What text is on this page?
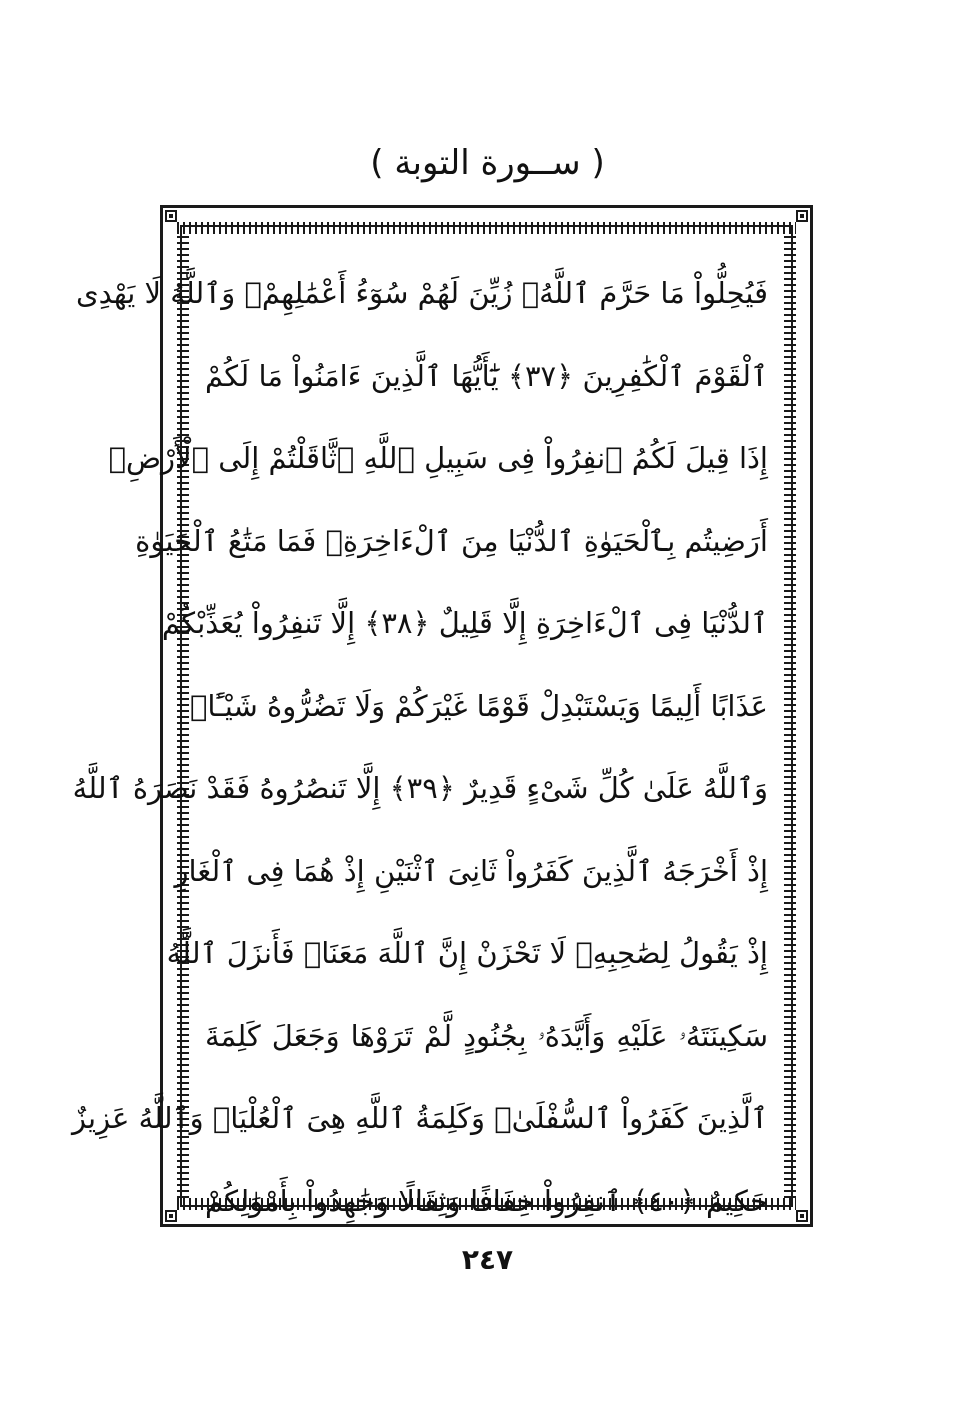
( ســورة التوبة )
فَيُحِلُّواْ مَا حَرَّمَ ٱللَّهُۚ زُيِّنَ لَهُمْ سُوٓءُ أَعْمَٰلِهِمْۗ وَٱللَّهُ لَا يَهْدِى
ٱلْقَوْمَ ٱلْكَٰفِرِينَ ﴿٣٧﴾ يَٰٓأَيُّهَا ٱلَّذِينَ ءَامَنُواْ مَا لَكُمْ
إِذَا قِيلَ لَكُمُ ٱنفِرُواْ فِى سَبِيلِ ٱللَّهِ ٱثَّاقَلْتُمْ إِلَى ٱلْأَرْضِۚ
أَرَضِيتُم بِٱلْحَيَوٰةِ ٱلدُّنْيَا مِنَ ٱلْءَاخِرَةِۚ فَمَا مَتَٰعُ ٱلْحَيَوٰةِ
ٱلدُّنْيَا فِى ٱلْءَاخِرَةِ إِلَّا قَلِيلٌ ﴿٣٨﴾ إِلَّا تَنفِرُواْ يُعَذِّبْكُمْ
عَذَابًا أَلِيمًا وَيَسْتَبْدِلْ قَوْمًا غَيْرَكُمْ وَلَا تَضُرُّوهُ شَيْـًٔاۗ
وَٱللَّهُ عَلَىٰ كُلِّ شَىْءٍ قَدِيرٌ ﴿٣٩﴾ إِلَّا تَنصُرُوهُ فَقَدْ نَصَرَهُ ٱللَّهُ
إِذْ أَخْرَجَهُ ٱلَّذِينَ كَفَرُواْ ثَانِىَ ٱثْنَيْنِ إِذْ هُمَا فِى ٱلْغَارِ
إِذْ يَقُولُ لِصَٰحِبِهِۦ لَا تَحْزَنْ إِنَّ ٱللَّهَ مَعَنَاۖ فَأَنزَلَ ٱللَّهُ
سَكِينَتَهُۥ عَلَيْهِ وَأَيَّدَهُۥ بِجُنُودٍ لَّمْ تَرَوْهَا وَجَعَلَ كَلِمَةَ
ٱلَّذِينَ كَفَرُواْ ٱلسُّفْلَىٰۗ وَكَلِمَةُ ٱللَّهِ هِىَ ٱلْعُلْيَاۗ وَٱللَّهُ عَزِيزٌ
حَكِيمٌ ﴿٤٠﴾ ٱنفِرُواْ خِفَافًا وَثِقَالًا وَجَٰهِدُواْ بِأَمْوَٰلِكُمْ
٢٤٧
